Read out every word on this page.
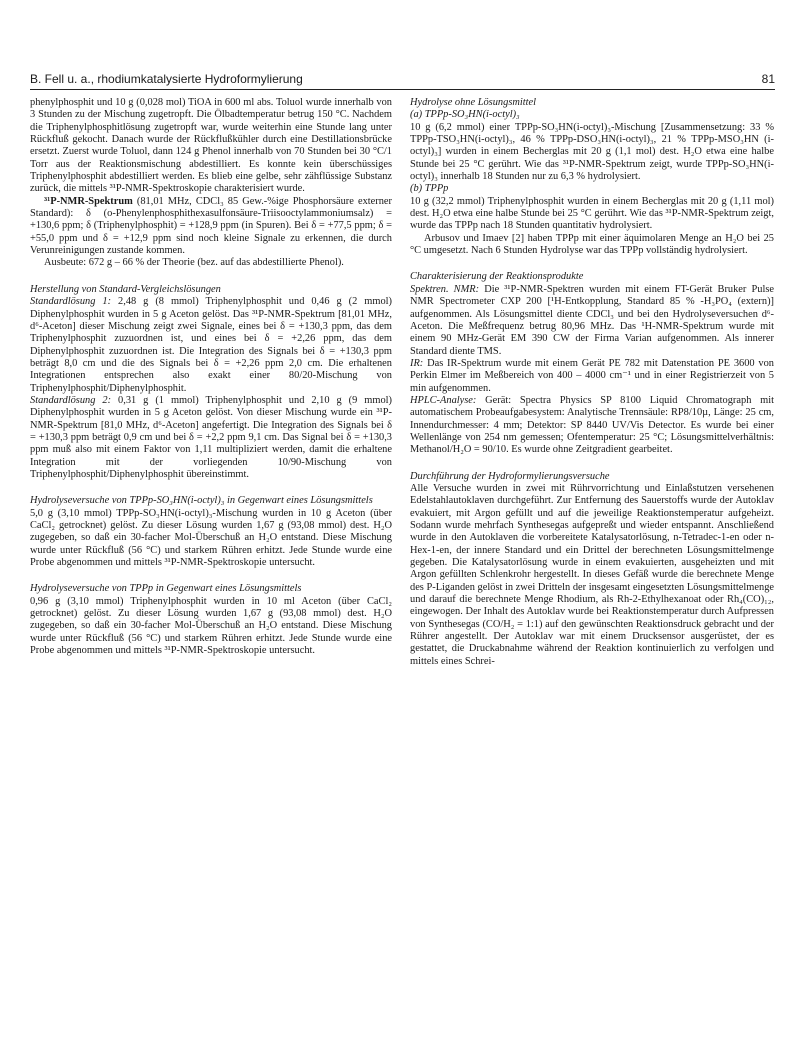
B. Fell u. a., rhodiumkatalysierte Hydroformylierung	81

phenylphosphit und 10 g (0,028 mol) TiOA in 600 ml abs. Toluol wurde innerhalb von 3 Stunden zu der Mischung zugetropft. Die Ölbadtemperatur betrug 150 °C. Nachdem die Triphenylphosphitlösung zugetropft war, wurde weiterhin eine Stunde lang unter Rückfluß gekocht. Danach wurde der Rückflußkühler durch eine Destillationsbrücke ersetzt. Zuerst wurde Toluol, dann 124 g Phenol innerhalb von 70 Stunden bei 30 °C/1 Torr aus der Reaktionsmischung abdestilliert. Es konnte kein überschüssiges Triphenylphosphit abdestilliert werden. Es blieb eine gelbe, sehr zähflüssige Substanz zurück, die mittels ³¹P-NMR-Spektroskopie charakterisiert wurde.

³¹P-NMR-Spektrum (81,01 MHz, CDCl₃ 85 Gew.-%ige Phosphorsäure externer Standard): δ (o-Phenylenphosphithexasulfonsäure-Triisooctylammoniumsalz) = +130,6 ppm; δ (Triphenylphosphit) = +128,9 ppm (in Spuren). Bei δ = +77,5 ppm; δ = +55,0 ppm und δ = +12,9 ppm sind noch kleine Signale zu erkennen, die durch Verunreinigungen zustande kommen.

Ausbeute: 672 g – 66 % der Theorie (bez. auf das abdestillierte Phenol).

Herstellung von Standard-Vergleichslösungen

Standardlösung 1: 2,48 g (8 mmol) Triphenylphosphit und 0,46 g (2 mmol) Diphenylphosphit wurden in 5 g Aceton gelöst. Das ³¹P-NMR-Spektrum [81,01 MHz, d⁶-Aceton] dieser Mischung zeigt zwei Signale, eines bei δ = +130,3 ppm, das dem Triphenylphosphit zuzuordnen ist, und eines bei δ = +2,26 ppm, das dem Diphenylphosphit zuzuordnen ist. Die Integration des Signals bei δ = +130,3 ppm beträgt 8,0 cm und die des Signals bei δ = +2,26 ppm 2,0 cm. Die erhaltenen Integrationen entsprechen also exakt einer 80/20-Mischung von Triphenylphosphit/Diphenylphosphit.

Standardlösung 2: 0,31 g (1 mmol) Triphenylphosphit und 2,10 g (9 mmol) Diphenylphosphit wurden in 5 g Aceton gelöst. Von dieser Mischung wurde ein ³¹P-NMR-Spektrum [81,0 MHz, d⁶-Aceton] angefertigt. Die Integration des Signals bei δ = +130,3 ppm beträgt 0,9 cm und bei δ = +2,2 ppm 9,1 cm. Das Signal bei δ = +130,3 ppm muß also mit einem Faktor von 1,11 multipliziert werden, damit die erhaltene Integration mit der vorliegenden 10/90-Mischung von Triphenylphosphit/Diphenylphosphit übereinstimmt.

Hydrolyseversuche von TPPp-SO₃HN(i-octyl)₃ in Gegenwart eines Lösungsmittels

5,0 g (3,10 mmol) TPPp-SO₃HN(i-octyl)₃-Mischung wurden in 10 g Aceton (über CaCl₂ getrocknet) gelöst. Zu dieser Lösung wurden 1,67 g (93,08 mmol) dest. H₂O zugegeben, so daß ein 30-facher Mol-Überschuß an H₂O entstand. Diese Mischung wurde unter Rückfluß (56 °C) und starkem Rühren erhitzt. Jede Stunde wurde eine Probe abgenommen und mittels ³¹P-NMR-Spektroskopie untersucht.

Hydrolyseversuche von TPPp in Gegenwart eines Lösungsmittels

0,96 g (3,10 mmol) Triphenylphosphit wurden in 10 ml Aceton (über CaCl₂ getrocknet) gelöst. Zu dieser Lösung wurden 1,67 g (93,08 mmol) dest. H₂O zugegeben, so daß ein 30-facher Mol-Überschuß an H₂O entstand. Diese Mischung wurde unter Rückfluß (56 °C) und starkem Rühren erhitzt. Jede Stunde wurde eine Probe abgenommen und mittels ³¹P-NMR-Spektroskopie untersucht.

Hydrolyse ohne Lösungsmittel

(a) TPPp-SO₃HN(i-octyl)₃

10 g (6,2 mmol) einer TPPp-SO₃HN(i-octyl)₃-Mischung [Zusammensetzung: 33 % TPPp-TSO₃HN(i-octyl)₃, 46 % TPPp-DSO₃HN(i-octyl)₃, 21 % TPPp-MSO₃HN (i-octyl)₃] wurden in einem Becherglas mit 20 g (1,1 mol) dest. H₂O etwa eine halbe Stunde bei 25 °C gerührt. Wie das ³¹P-NMR-Spektrum zeigt, wurde TPPp-SO₃HN(i-octyl)₃ innerhalb 18 Stunden nur zu 6,3 % hydrolysiert.

(b) TPPp

10 g (32,2 mmol) Triphenylphosphit wurden in einem Becherglas mit 20 g (1,11 mol) dest. H₂O etwa eine halbe Stunde bei 25 °C gerührt. Wie das ³¹P-NMR-Spektrum zeigt, wurde das TPPp nach 18 Stunden quantitativ hydrolysiert.

Arbusov und Imaev [2] haben TPPp mit einer äquimolaren Menge an H₂O bei 25 °C umgesetzt. Nach 6 Stunden Hydrolyse war das TPPp vollständig hydrolysiert.

Charakterisierung der Reaktionsprodukte

Spektren. NMR: Die ³¹P-NMR-Spektren wurden mit einem FT-Gerät Bruker Pulse NMR Spectrometer CXP 200 [¹H-Entkopplung, Standard 85 % -H₃PO₄ (extern)] aufgenommen. Als Lösungsmittel diente CDCl₃ und bei den Hydrolyseversuchen d⁶-Aceton. Die Meßfrequenz betrug 80,96 MHz. Das ¹H-NMR-Spektrum wurde mit einem 90 MHz-Gerät EM 390 CW der Firma Varian aufgenommen. Als innerer Standard diente TMS.

IR: Das IR-Spektrum wurde mit einem Gerät PE 782 mit Datenstation PE 3600 von Perkin Elmer im Meßbereich von 400 – 4000 cm⁻¹ und in einer Registrierzeit von 5 min aufgenommen.

HPLC-Analyse: Gerät: Spectra Physics SP 8100 Liquid Chromatograph mit automatischem Probeaufgabesystem: Analytische Trennsäule: RP8/10µ, Länge: 25 cm, Innendurchmesser: 4 mm; Detektor: SP 8440 UV/Vis Detector. Es wurde bei einer Wellenlänge von 254 nm gemessen; Ofentemperatur: 25 °C; Lösungsmittelverhältnis: Methanol/H₂O = 90/10. Es wurde ohne Zeitgradient gearbeitet.

Durchführung der Hydroformylierungsversuche

Alle Versuche wurden in zwei mit Rührvorrichtung und Einlaßstutzen versehenen Edelstahlautoklaven durchgeführt. Zur Entfernung des Sauerstoffs wurde der Autoklav evakuiert, mit Argon gefüllt und auf die jeweilige Reaktionstemperatur aufgeheizt. Sodann wurde mehrfach Synthesegas aufgepreßt und wieder entspannt. Anschließend wurde in den Autoklaven die vorbereitete Katalysatorlösung, n-Tetradec-1-en oder n-Hex-1-en, der innere Standard und ein Drittel der berechneten Lösungsmittelmenge gegeben. Die Katalysatorlösung wurde in einem evakuierten, ausgeheizten und mit Argon gefüllten Schlenkrohr hergestellt. In dieses Gefäß wurde die berechnete Menge des P-Liganden gelöst in zwei Dritteln der insgesamt eingesetzten Lösungsmittelmenge und darauf die berechnete Menge Rhodium, als Rh-2-Ethylhexanoat oder Rh₄(CO)₁₂, eingewogen. Der Inhalt des Autoklav wurde bei Reaktionstemperatur durch Aufpressen von Synthesegas (CO/H₂ = 1:1) auf den gewünschten Reaktionsdruck gebracht und der Rührer angestellt. Der Autoklav war mit einem Drucksensor ausgerüstet, der es gestattet, die Druckabnahme während der Reaktion kontinuierlich zu verfolgen und mittels eines Schrei-
